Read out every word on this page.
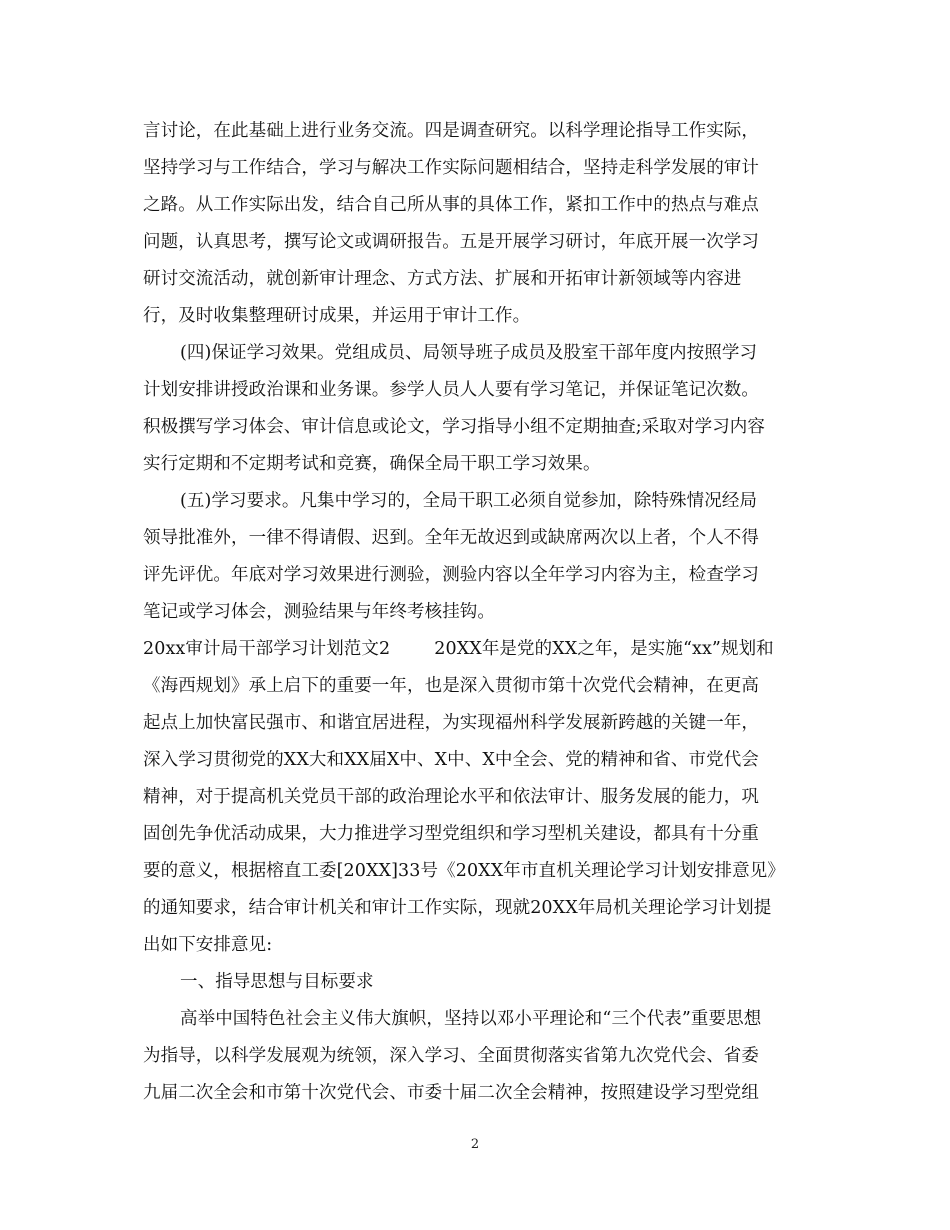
言讨论，在此基础上进行业务交流。四是调查研究。以科学理论指导工作实际，
坚持学习与工作结合，学习与解决工作实际问题相结合，坚持走科学发展的审计
之路。从工作实际出发，结合自己所从事的具体工作，紧扣工作中的热点与难点
问题，认真思考，撰写论文或调研报告。五是开展学习研讨，年底开展一次学习
研讨交流活动，就创新审计理念、方式方法、扩展和开拓审计新领域等内容进
行，及时收集整理研讨成果，并运用于审计工作。
(四)保证学习效果。党组成员、局领导班子成员及股室干部年度内按照学习
计划安排讲授政治课和业务课。参学人员人人要有学习笔记，并保证笔记次数。
积极撰写学习体会、审计信息或论文，学习指导小组不定期抽查;采取对学习内容
实行定期和不定期考试和竞赛，确保全局干职工学习效果。
(五)学习要求。凡集中学习的，全局干职工必须自觉参加，除特殊情况经局
领导批准外，一律不得请假、迟到。全年无故迟到或缺席两次以上者，个人不得
评先评优。年底对学习效果进行测验，测验内容以全年学习内容为主，检查学习
笔记或学习体会，测验结果与年终考核挂钩。
20xx审计局干部学习计划范文2	20XX年是党的XX之年，是实施“xx”规划和
《海西规划》承上启下的重要一年，也是深入贯彻市第十次党代会精神，在更高
起点上加快富民强市、和谐宜居进程，为实现福州科学发展新跨越的关键一年，
深入学习贯彻党的XX大和XX届X中、X中、X中全会、党的精神和省、市党代会
精神，对于提高机关党员干部的政治理论水平和依法审计、服务发展的能力，巩
固创先争优活动成果，大力推进学习型党组织和学习型机关建设，都具有十分重
要的意义，根据榕直工委[20XX]33号《20XX年市直机关理论学习计划安排意见》
的通知要求，结合审计机关和审计工作实际，现就20XX年局机关理论学习计划提
出如下安排意见:
一、指导思想与目标要求
高举中国特色社会主义伟大旗帜，坚持以邓小平理论和“三个代表”重要思想
为指导，以科学发展观为统领，深入学习、全面贯彻落实省第九次党代会、省委
九届二次全会和市第十次党代会、市委十届二次全会精神，按照建设学习型党组
2
